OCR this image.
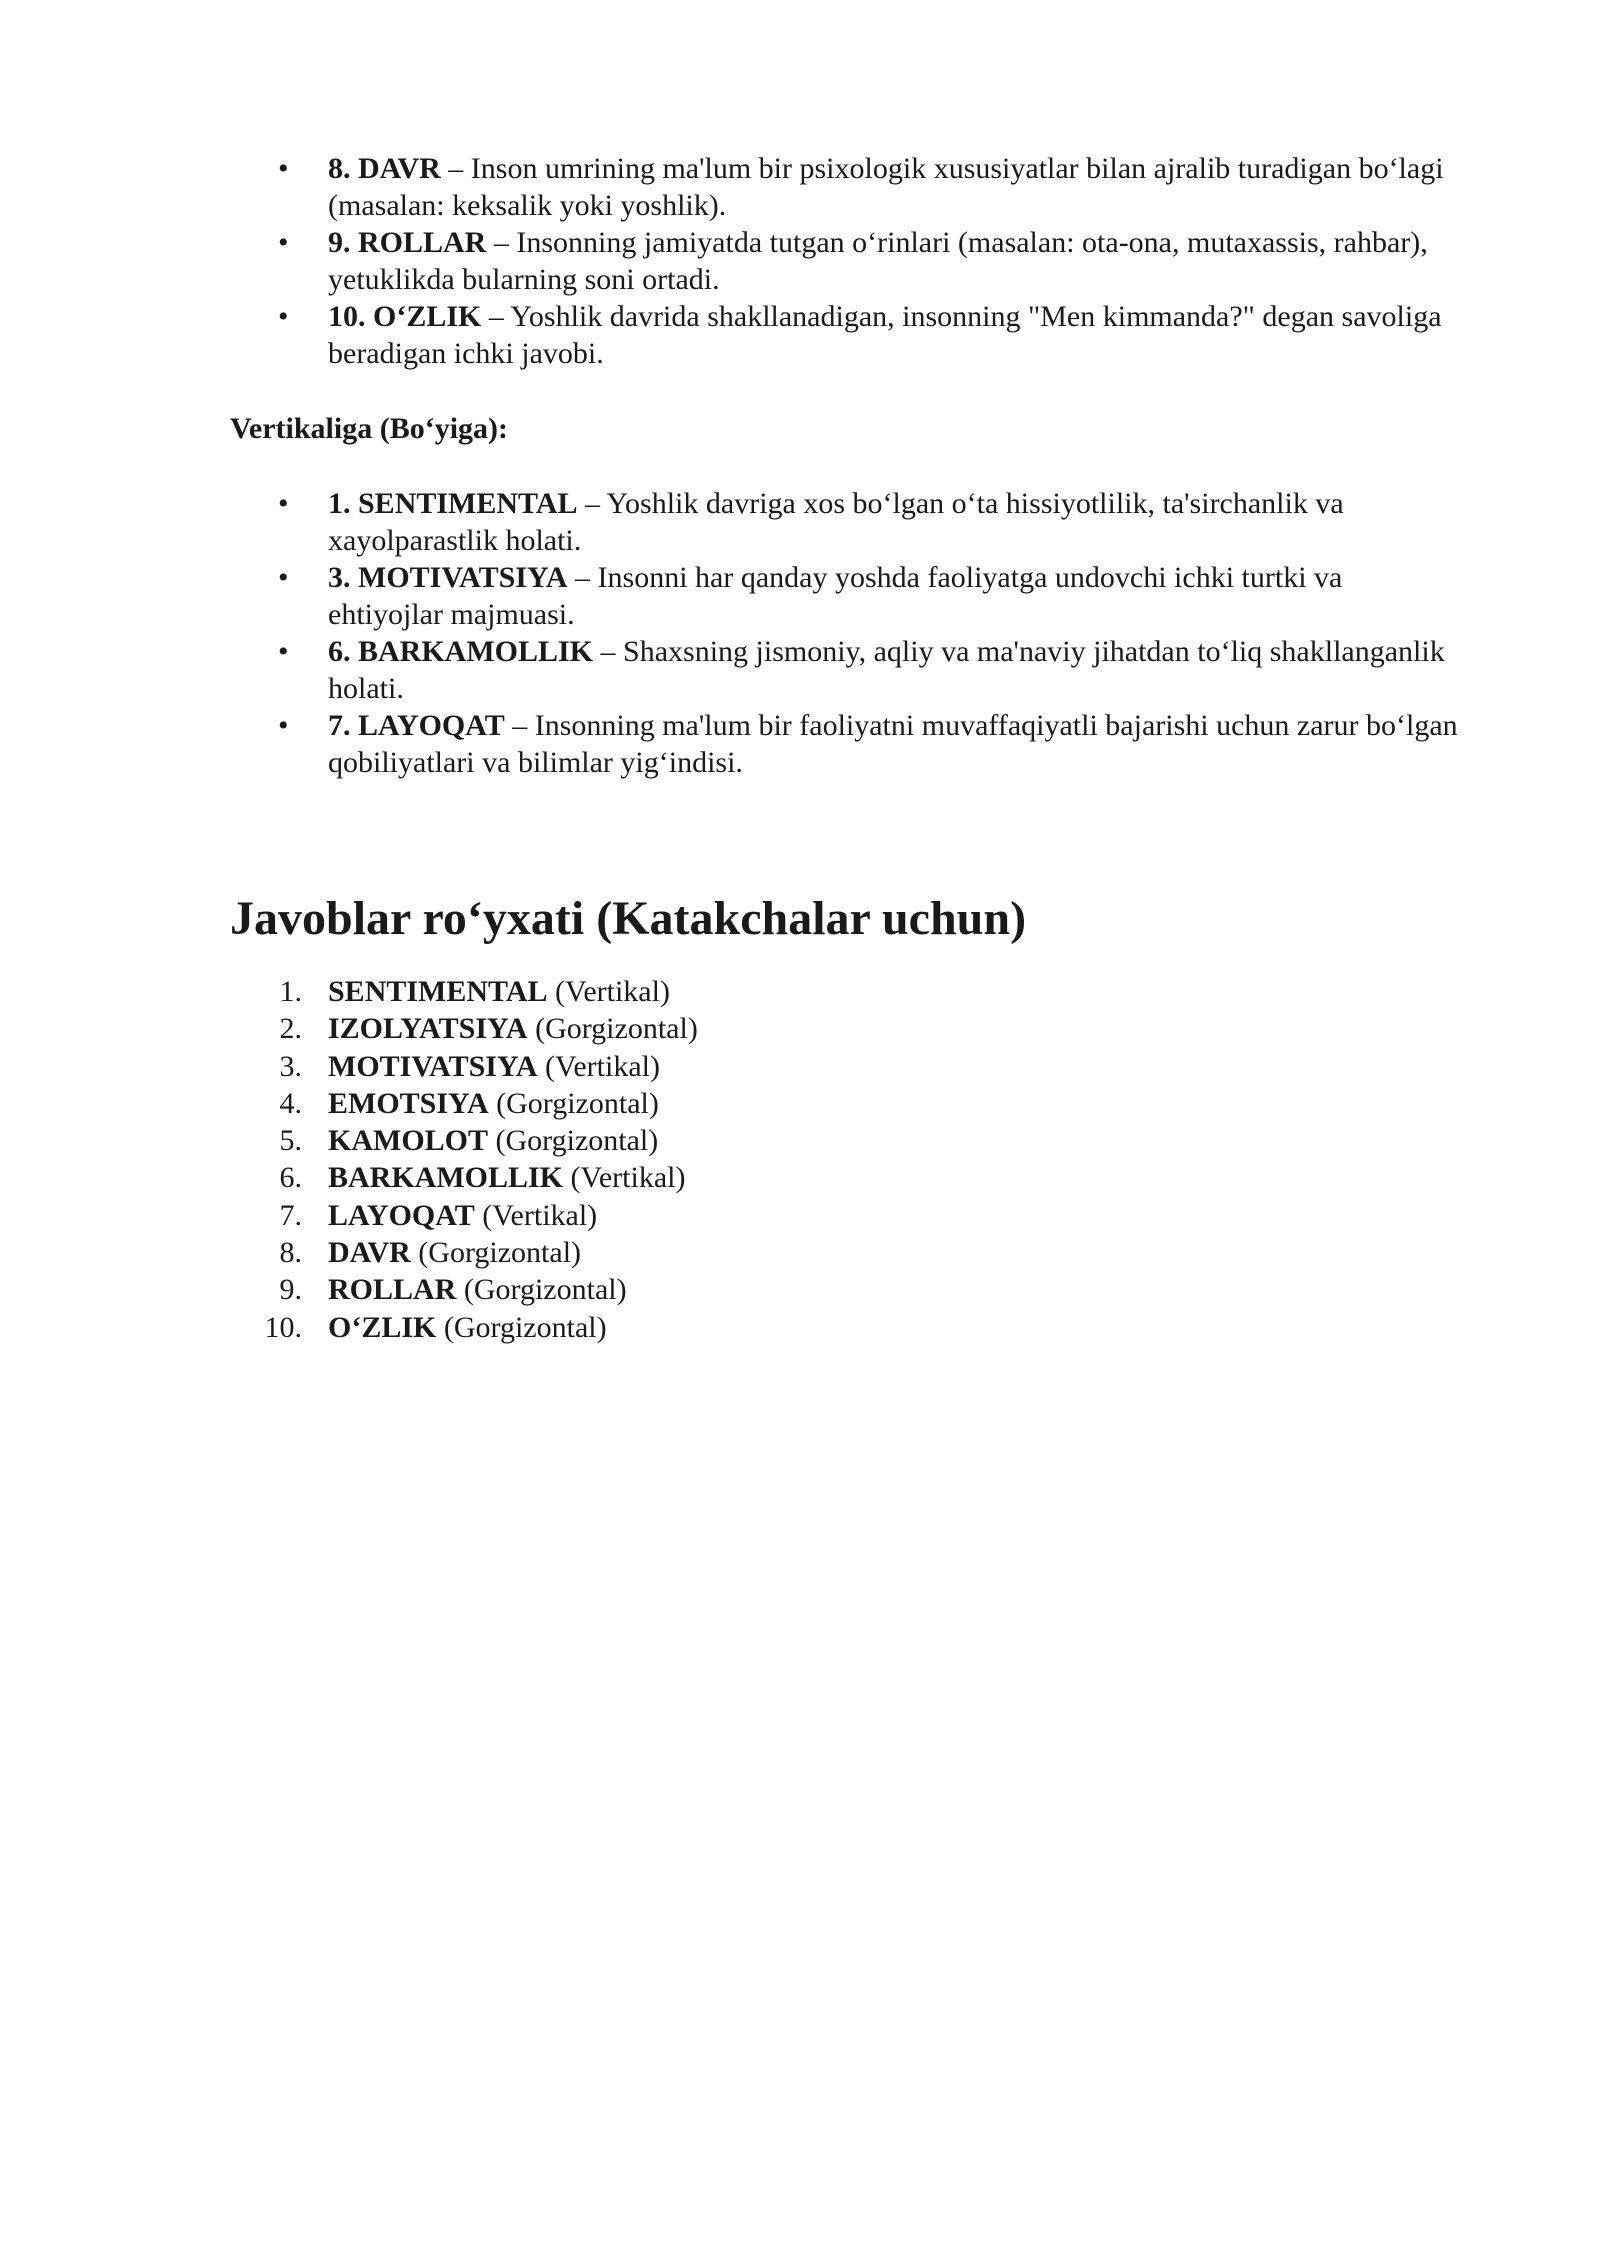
• 8. DAVR – Inson umrining ma'lum bir psixologik xususiyatlar bilan ajralib turadigan bo‘lagi (masalan: keksalik yoki yoshlik).
• 9. ROLLAR – Insonning jamiyatda tutgan o‘rinlari (masalan: ota-ona, mutaxassis, rahbar), yetuklikda bularning soni ortadi.
• 10. O‘ZLIK – Yoshlik davrida shakllanadigan, insonning "Men kimmanda?" degan savoliga beradigan ichki javobi.
Vertikaliga (Bo‘yiga):
• 1. SENTIMENTAL – Yoshlik davriga xos bo‘lgan o‘ta hissiyotlilik, ta'sirchanlik va xayolparastlik holati.
• 3. MOTIVATSIYA – Insonni har qanday yoshda faoliyatga undovchi ichki turtki va ehtiyojlar majmuasi.
• 6. BARKAMOLLIK – Shaxsning jismoniy, aqliy va ma'naviy jihatdan to‘liq shakllanganlik holati.
• 7. LAYOQAT – Insonning ma'lum bir faoliyatni muvaffaqiyatli bajarishi uchun zarur bo‘lgan qobiliyatlari va bilimlar yig‘indisi.
Javoblar ro‘yxati (Katakchalar uchun)
1. SENTIMENTAL (Vertikal)
2. IZOLYATSIYA (Gorgizontal)
3. MOTIVATSIYA (Vertikal)
4. EMOTSIYA (Gorgizontal)
5. KAMOLOT (Gorgizontal)
6. BARKAMOLLIK (Vertikal)
7. LAYOQAT (Vertikal)
8. DAVR (Gorgizontal)
9. ROLLAR (Gorgizontal)
10. O‘ZLIK (Gorgizontal)
